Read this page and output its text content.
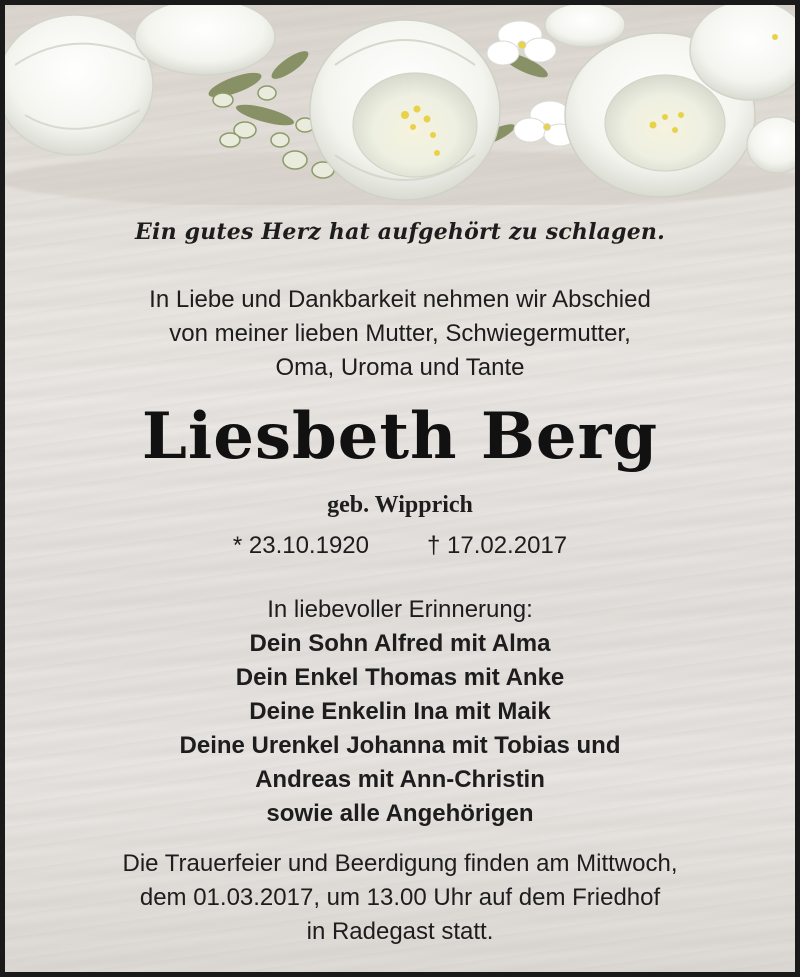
Ein gutes Herz hat aufgehört zu schlagen.
In Liebe und Dankbarkeit nehmen wir Abschied
von meiner lieben Mutter, Schwiegermutter,
Oma, Uroma und Tante
Liesbeth Berg
geb. Wipprich
* 23.10.1920 † 17.02.2017
In liebevoller Erinnerung:
Dein Sohn Alfred mit Alma
Dein Enkel Thomas mit Anke
Deine Enkelin Ina mit Maik
Deine Urenkel Johanna mit Tobias und
Andreas mit Ann-Christin
sowie alle Angehörigen
Die Trauerfeier und Beerdigung finden am Mittwoch,
dem 01.03.2017, um 13.00 Uhr auf dem Friedhof
in Radegast statt.
